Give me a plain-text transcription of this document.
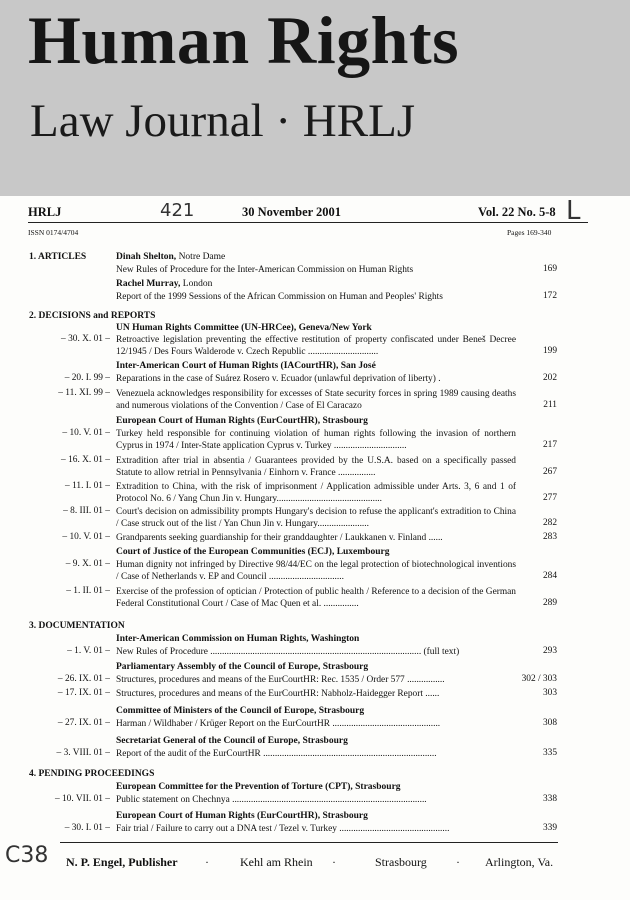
Human Rights
Law Journal · HRLJ
HRLJ	421	30 November 2001	Vol. 22 No. 5-8 L
ISSN 0174/4704	Pages 169-340
1. ARTICLES	Dinah Shelton, Notre Dame
New Rules of Procedure for the Inter-American Commission on Human Rights	169
Rachel Murray, London
Report of the 1999 Sessions of the African Commission on Human and Peoples' Rights	172
2. DECISIONS and REPORTS
UN Human Rights Committee (UN-HRCee), Geneva/New York
– 30. X. 01 – Retroactive legislation preventing the effective restitution of property confiscated under Beneš Decree 12/1945 / Des Fours Walderode v. Czech Republic ..............................	199
Inter-American Court of Human Rights (IACourtHR), San José
– 20. I. 99 – Reparations in the case of Suárez Rosero v. Ecuador (unlawful deprivation of liberty) .	202
– 11. XI. 99 – Venezuela acknowledges responsibility for excesses of State security forces in spring 1989 causing deaths and numerous violations of the Convention / Case of El Caracazo	211
European Court of Human Rights (EurCourtHR), Strasbourg
– 10. V. 01 – Turkey held responsible for continuing violation of human rights following the invasion of northern Cyprus in 1974 / Inter-State application Cyprus v. Turkey ...............................	217
– 16. X. 01 – Extradition after trial in absentia / Guarantees provided by the U.S.A. based on a specifically passed Statute to allow retrial in Pennsylvania / Einhorn v. France ................	267
– 11. I. 01 – Extradition to China, with the risk of imprisonment / Application admissible under Arts. 3, 6 and 1 of Protocol No. 6 / Yang Chun Jin v. Hungary.............................................	277
– 8. III. 01 – Court's decision on admissibility prompts Hungary's decision to refuse the applicant's extradition to China / Case struck out of the list / Yan Chun Jin v. Hungary......................	282
– 10. V. 01 – Grandparents seeking guardianship for their granddaughter / Laukkanen v. Finland ......	283
Court of Justice of the European Communities (ECJ), Luxembourg
– 9. X. 01 – Human dignity not infringed by Directive 98/44/EC on the legal protection of biotechnological inventions / Case of Netherlands v. EP and Council ................................	284
– 1. II. 01 – Exercise of the profession of optician / Protection of public health / Reference to a decision of the German Federal Constitutional Court / Case of Mac Quen et al. ...............	289
3. DOCUMENTATION
Inter-American Commission on Human Rights, Washington
– 1. V. 01 – New Rules of Procedure .......................................................................................... (full text)	293
Parliamentary Assembly of the Council of Europe, Strasbourg
– 26. IX. 01 – Structures, procedures and means of the EurCourtHR: Rec. 1535 / Order 577 ................	302 / 303
– 17. IX. 01 – Structures, procedures and means of the EurCourtHR: Nabholz-Haidegger Report ......	303
Committee of Ministers of the Council of Europe, Strasbourg
– 27. IX. 01 – Harman / Wildhaber / Krüger Report on the EurCourtHR ..............................................	308
Secretariat General of the Council of Europe, Strasbourg
– 3. VIII. 01 – Report of the audit of the EurCourtHR ..........................................................................	335
4. PENDING PROCEEDINGS
European Committee for the Prevention of Torture (CPT), Strasbourg
– 10. VII. 01 – Public statement on Chechnya ...................................................................................	338
European Court of Human Rights (EurCourtHR), Strasbourg
– 30. I. 01 – Fair trial / Failure to carry out a DNA test / Tezel v. Turkey ...............................................	339
C38 N. P. Engel, Publisher ·	Kehl am Rhein ·	Strasbourg · Arlington, Va.
